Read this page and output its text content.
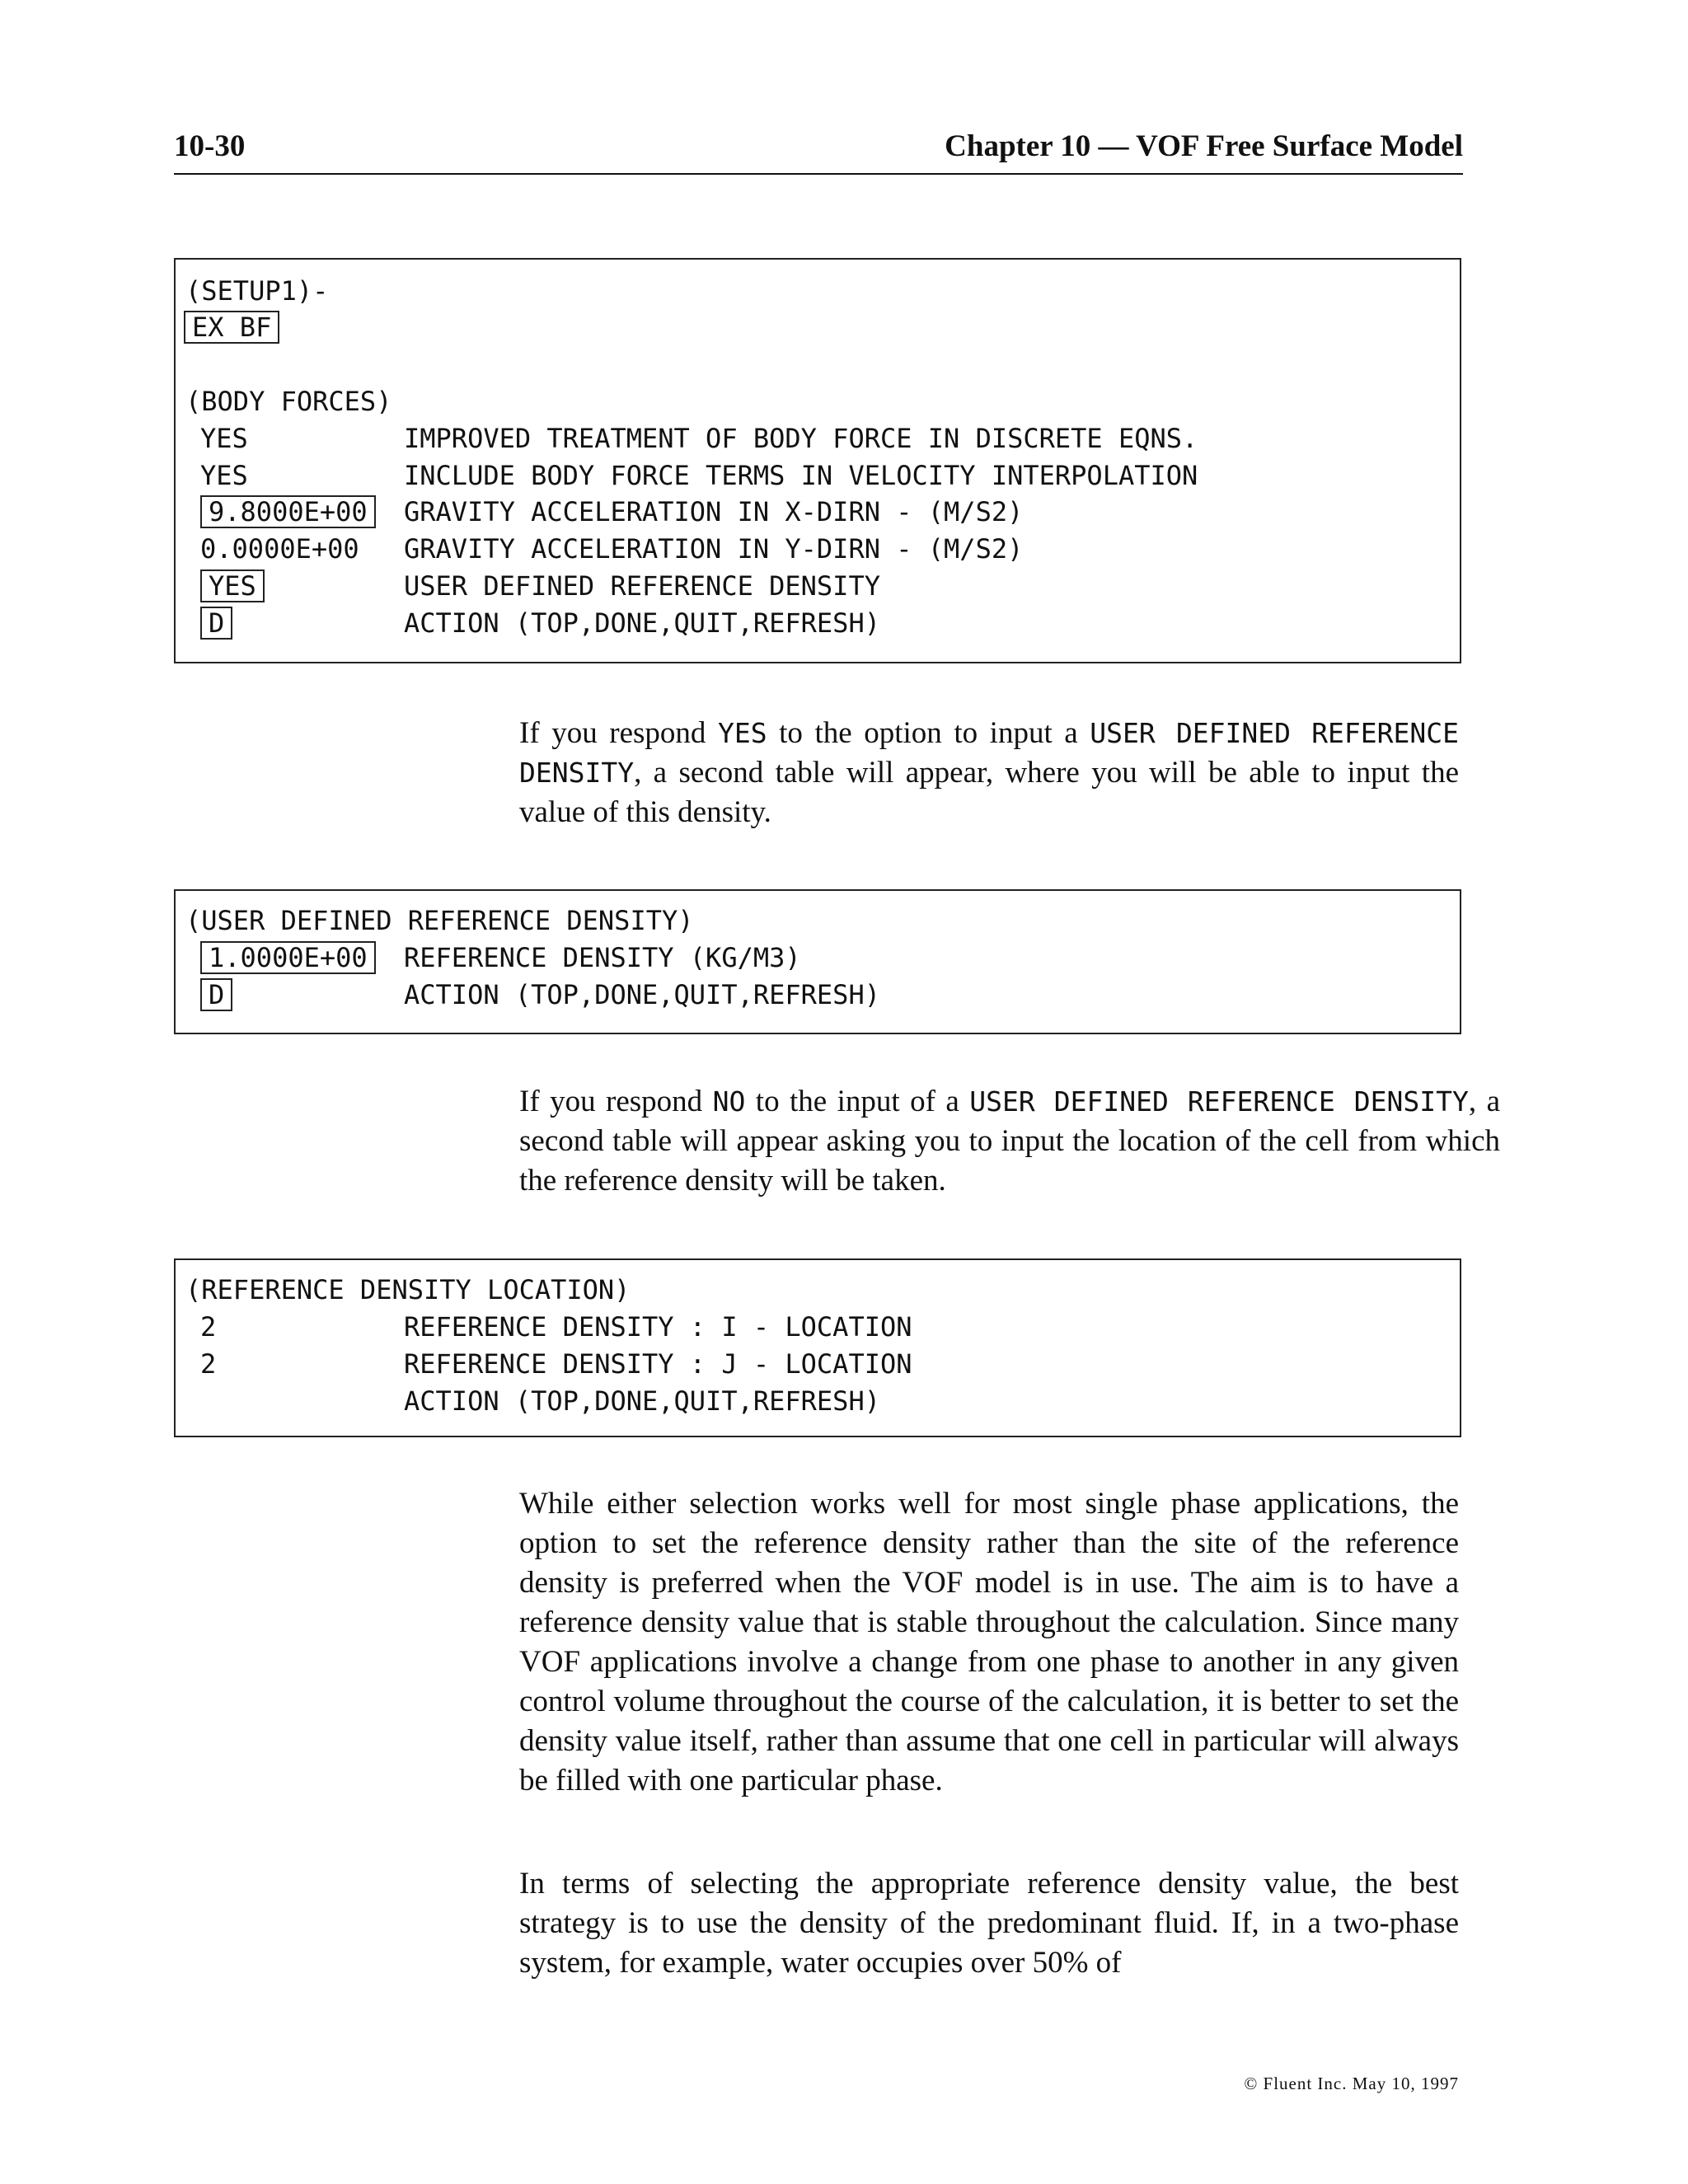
10-30	Chapter 10 — VOF Free Surface Model
(SETUP1)-
EX BF
(BODY FORCES)
YES	IMPROVED TREATMENT OF BODY FORCE IN DISCRETE EQNS.
YES	INCLUDE BODY FORCE TERMS IN VELOCITY INTERPOLATION
9.8000E+00	GRAVITY ACCELERATION IN X-DIRN - (M/S2)
0.0000E+00 GRAVITY ACCELERATION IN Y-DIRN - (M/S2)
YES	USER DEFINED REFERENCE DENSITY
D	ACTION (TOP,DONE,QUIT,REFRESH)
If you respond YES to the option to input a USER DEFINED REFERENCE DENSITY, a second table will appear, where you will be able to input the value of this density.
(USER DEFINED REFERENCE DENSITY)
1.0000E+00	REFERENCE DENSITY (KG/M3)
D	ACTION (TOP,DONE,QUIT,REFRESH)
If you respond NO to the input of a USER DEFINED REFERENCE DENSITY, a second table will appear asking you to input the location of the cell from which the reference density will be taken.
(REFERENCE DENSITY LOCATION)
2	REFERENCE DENSITY : I - LOCATION
2	REFERENCE DENSITY : J - LOCATION
ACTION (TOP,DONE,QUIT,REFRESH)
While either selection works well for most single phase applications, the option to set the reference density rather than the site of the reference density is preferred when the VOF model is in use. The aim is to have a reference density value that is stable throughout the calculation. Since many VOF applications involve a change from one phase to another in any given control volume throughout the course of the calculation, it is better to set the density value itself, rather than assume that one cell in particular will always be filled with one particular phase.
In terms of selecting the appropriate reference density value, the best strategy is to use the density of the predominant fluid. If, in a two-phase system, for example, water occupies over 50% of
© Fluent Inc. May 10, 1997
